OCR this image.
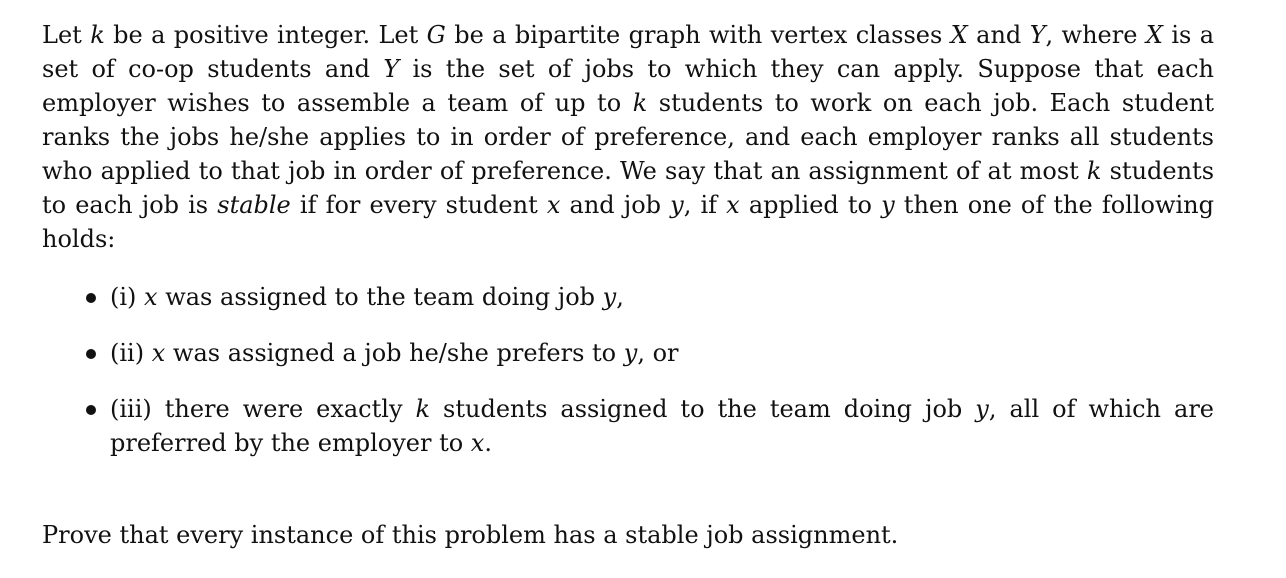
Let k be a positive integer. Let G be a bipartite graph with vertex classes X and Y, where X is a set of co-op students and Y is the set of jobs to which they can apply. Suppose that each employer wishes to assemble a team of up to k students to work on each job. Each student ranks the jobs he/she applies to in order of preference, and each employer ranks all students who applied to that job in order of preference. We say that an assignment of at most k students to each job is stable if for every student x and job y, if x applied to y then one of the following holds:

(i) x was assigned to the team doing job y,
(ii) x was assigned a job he/she prefers to y, or
(iii) there were exactly k students assigned to the team doing job y, all of which are preferred by the employer to x.

Prove that every instance of this problem has a stable job assignment.
